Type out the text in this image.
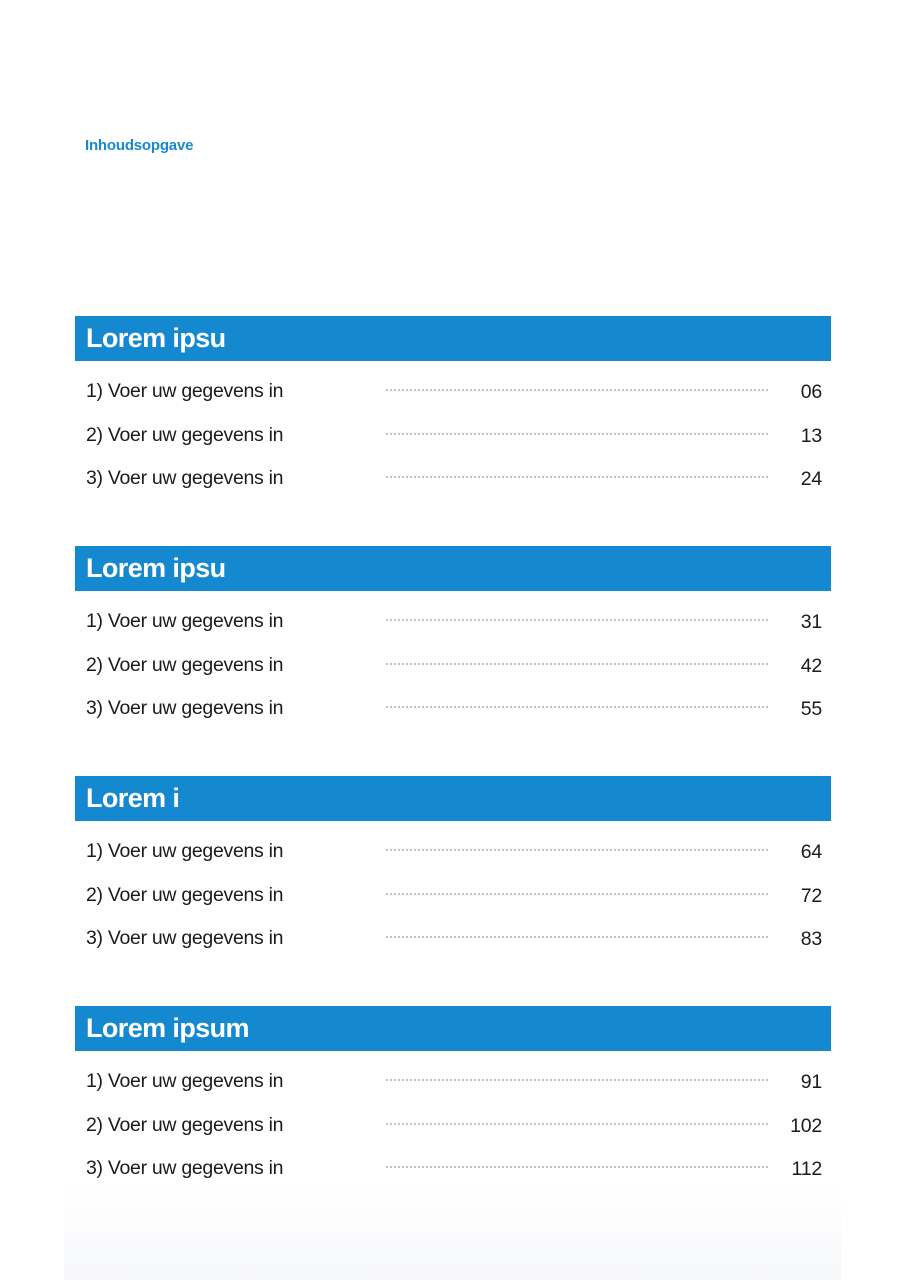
Inhoudsopgave
Lorem ipsu
1) Voer uw gegevens in	06
2) Voer uw gegevens in	13
3) Voer uw gegevens in	24
Lorem ipsu
1) Voer uw gegevens in	31
2) Voer uw gegevens in	42
3) Voer uw gegevens in	55
Lorem i
1) Voer uw gegevens in	64
2) Voer uw gegevens in	72
3) Voer uw gegevens in	83
Lorem ipsum
1) Voer uw gegevens in	91
2) Voer uw gegevens in	102
3) Voer uw gegevens in	112
